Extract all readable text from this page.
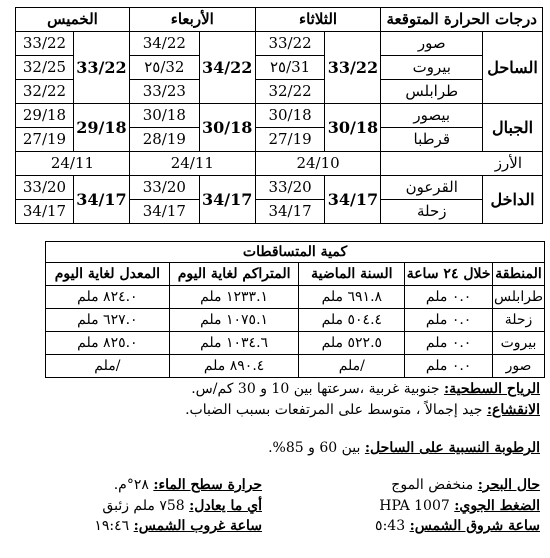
درجات الحرارة المتوقعة		الثلاثاء		الأربعاء		الخميس	
الساحل	صور	33/22	33/22	34/22	34/22	33/22	33/22
	بيروت		31/٢٥		32/٢٥		32/25
	طرابلس		32/22		33/23		32/22
الجبال	بيصور	30/18	30/18	30/18	30/18	29/18	29/18
	قرطبا		27/19		28/19		27/19
الأرز		24/10		24/11		24/11	
الداخل	القرعون	34/17	33/20	34/17	33/20	34/17	33/20
	زحلة		34/17		34/17		34/17
كمية المتساقطات				
المنطقة	خلال ٢٤ ساعة	السنة الماضية	المتراكم لغاية اليوم	المعدل لغاية اليوم
طرابلس	٠.٠ ملم	٦٩١.٨ ملم	١٢٣٣.١ ملم	٨٢٤.٠ ملم
زحلة	٠.٠ ملم	٥٠٤.٤ ملم	١٠٧٥.١ ملم	٦٢٧.٠ ملم
بيروت	٠.٠ ملم	٥٢٢.٥ ملم	١٠٣٤.٦ ملم	٨٢٥.٠ ملم
صور	٠.٠ ملم	/ملم	٨٩٠.٤ ملم	/ملم
الرياح السطحية: جنوبية غربية ،سرعتها بين 10 و 30 كم/س.
الانقشاع: جيد إجمالاً ، متوسط على المرتفعات بسبب الضباب.
الرطوبة النسبية على الساحل: بين 60 و 85%.
حال البحر: منخفض الموج
حرارة سطح الماء: ٢٨°م.
الضغط الجوي: HPA 1007
أي ما يعادل: ٧58 ملم زئبق
ساعة شروق الشمس: ٥:43
ساعة غروب الشمس: ١٩:٤٦
